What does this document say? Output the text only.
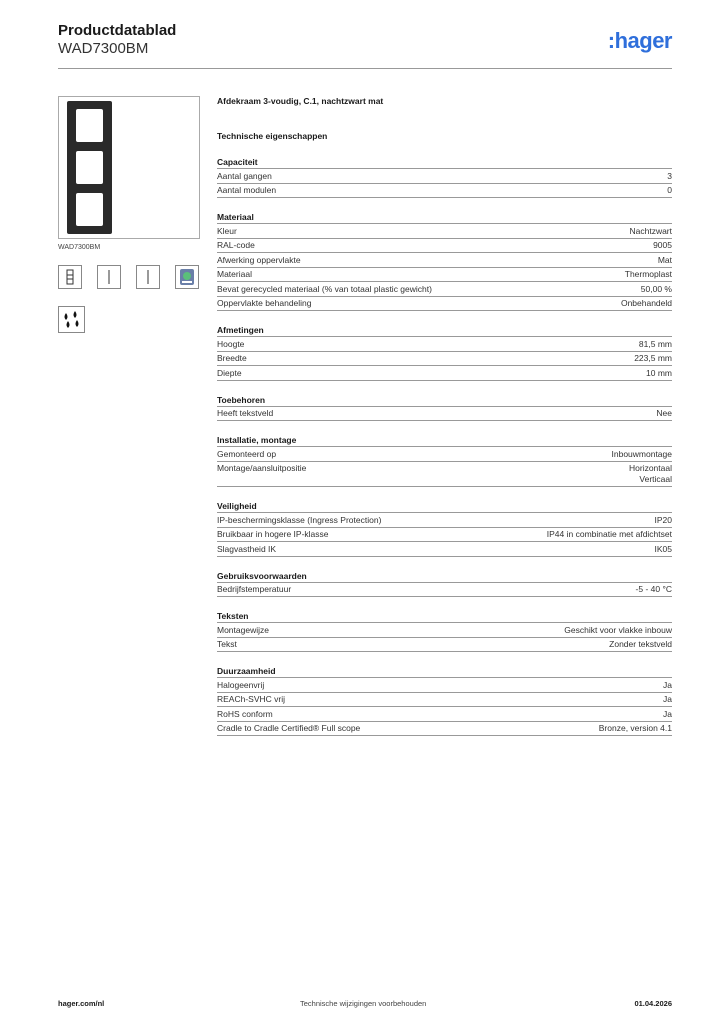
Productdatablad
WAD7300BM	:hager
WAD7300BM
Afdekraam 3-voudig, C.1, nachtzwart mat
Technische eigenschappen
Capaciteit
Aantal gangen	3
Aantal modulen	0
Materiaal
Kleur	Nachtzwart
RAL-code	9005
Afwerking oppervlakte	Mat
Materiaal	Thermoplast
Bevat gerecycled materiaal (% van totaal plastic gewicht)	50,00 %
Oppervlakte behandeling	Onbehandeld
Afmetingen
Hoogte	81,5 mm
Breedte	223,5 mm
Diepte	10 mm
Toebehoren
Heeft tekstveld	Nee
Installatie, montage
Gemonteerd op	Inbouwmontage
Montage/aansluitpositie	Horizontaal
Verticaal
Veiligheid
IP-beschermingsklasse (Ingress Protection)	IP20
Bruikbaar in hogere IP-klasse	IP44 in combinatie met afdichtset
Slagvastheid IK	IK05
Gebruiksvoorwaarden
Bedrijfstemperatuur	-5 - 40 °C
Teksten
Montagewijze	Geschikt voor vlakke inbouw
Tekst	Zonder tekstveld
Duurzaamheid
Halogeenvrij	Ja
REACh-SVHC vrij	Ja
RoHS conform	Ja
Cradle to Cradle Certified® Full scope	Bronze, version 4.1
hager.com/nl	Technische wijzigingen voorbehouden	01.04.2026
